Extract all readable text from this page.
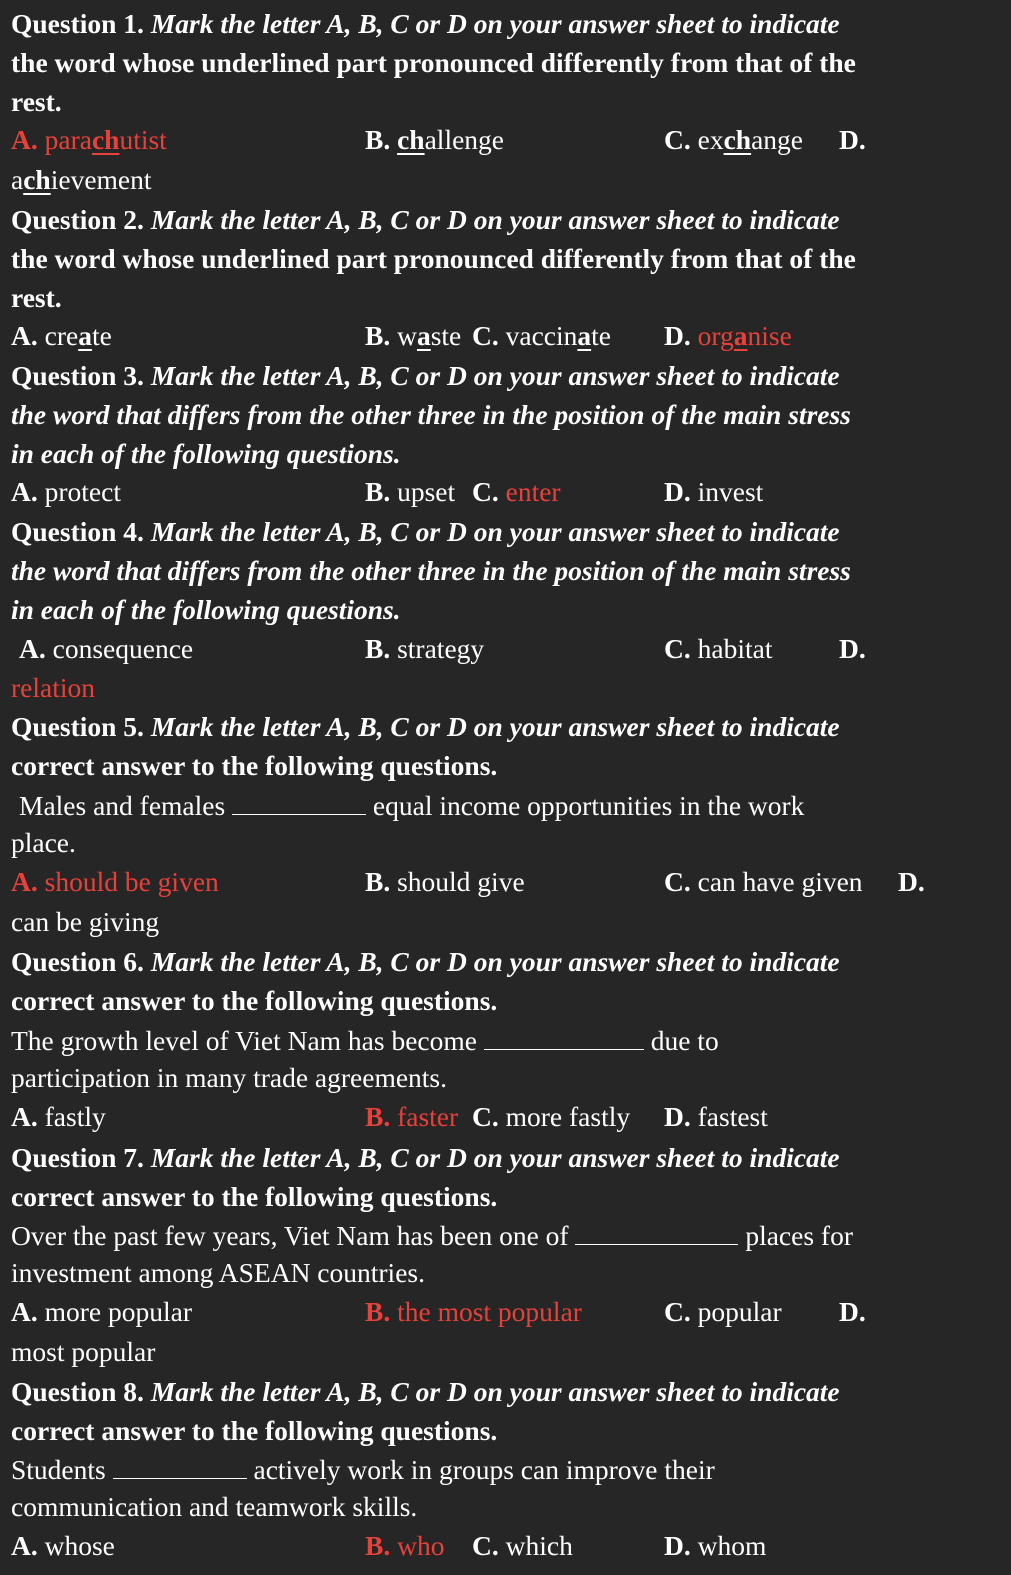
Question 1. Mark the letter A, B, C or D on your answer sheet to indicate
the word whose underlined part pronounced differently from that of the
rest.
A. parachutist	B. challenge	C. exchange D.
achievement
Question 2. Mark the letter A, B, C or D on your answer sheet to indicate
the word whose underlined part pronounced differently from that of the
rest.
A. create	B. waste C. vaccinate D. organise
Question 3. Mark the letter A, B, C or D on your answer sheet to indicate
the word that differs from the other three in the position of the main stress
in each of the following questions.
A. protect	B. upset C. enter	D. invest
Question 4. Mark the letter A, B, C or D on your answer sheet to indicate
the word that differs from the other three in the position of the main stress
in each of the following questions.
A. consequence	B. strategy	C. habitat D.
relation
Question 5. Mark the letter A, B, C or D on your answer sheet to indicate
correct answer to the following questions.
Males and females	equal income opportunities in the work
place.
A. should be given	B. should give	C. can have given D.
can be giving
Question 6. Mark the letter A, B, C or D on your answer sheet to indicate
correct answer to the following questions.
The growth level of Viet Nam has become	due to
participation in many trade agreements.
A. fastly	B. faster C. more fastly D. fastest
Question 7. Mark the letter A, B, C or D on your answer sheet to indicate
correct answer to the following questions.
Over the past few years, Viet Nam has been one of	places for
investment among ASEAN countries.
A. more popular	B. the most popular	C. popular D.
most popular
Question 8. Mark the letter A, B, C or D on your answer sheet to indicate
correct answer to the following questions.
Students	actively work in groups can improve their
communication and teamwork skills.
A. whose	B. who C. which	D. whom
